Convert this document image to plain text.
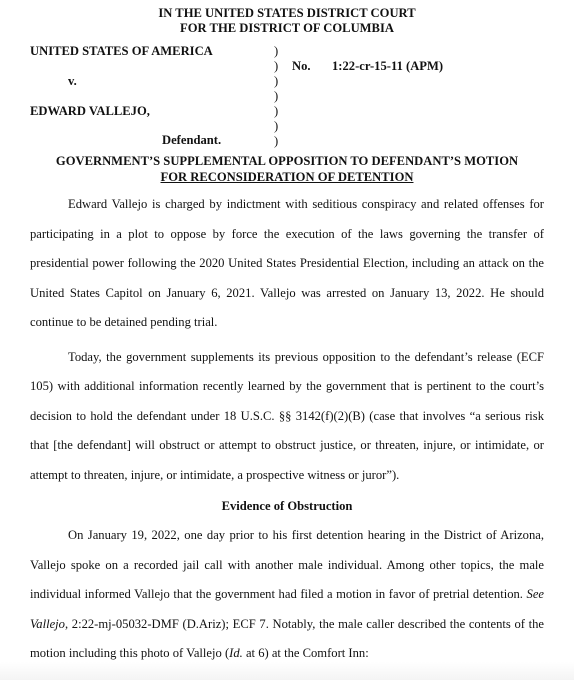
IN THE UNITED STATES DISTRICT COURT
FOR THE DISTRICT OF COLUMBIA
UNITED STATES OF AMERICA
v.
EDWARD VALLEJO,
Defendant.
)
)
)
)
)
)
)
No. 1:22-cr-15-11 (APM)
GOVERNMENT’S SUPPLEMENTAL OPPOSITION TO DEFENDANT’S MOTION
FOR RECONSIDERATION OF DETENTION

Edward Vallejo is charged by indictment with seditious conspiracy and related offenses for participating in a plot to oppose by force the execution of the laws governing the transfer of presidential power following the 2020 United States Presidential Election, including an attack on the United States Capitol on January 6, 2021. Vallejo was arrested on January 13, 2022. He should continue to be detained pending trial.

Today, the government supplements its previous opposition to the defendant’s release (ECF 105) with additional information recently learned by the government that is pertinent to the court’s decision to hold the defendant under 18 U.S.C. §§ 3142(f)(2)(B) (case that involves “a serious risk that [the defendant] will obstruct or attempt to obstruct justice, or threaten, injure, or intimidate, or attempt to threaten, injure, or intimidate, a prospective witness or juror”).

Evidence of Obstruction

On January 19, 2022, one day prior to his first detention hearing in the District of Arizona, Vallejo spoke on a recorded jail call with another male individual. Among other topics, the male individual informed Vallejo that the government had filed a motion in favor of pretrial detention. See Vallejo, 2:22-mj-05032-DMF (D.Ariz); ECF 7. Notably, the male caller described the contents of the motion including this photo of Vallejo (Id. at 6) at the Comfort Inn:
